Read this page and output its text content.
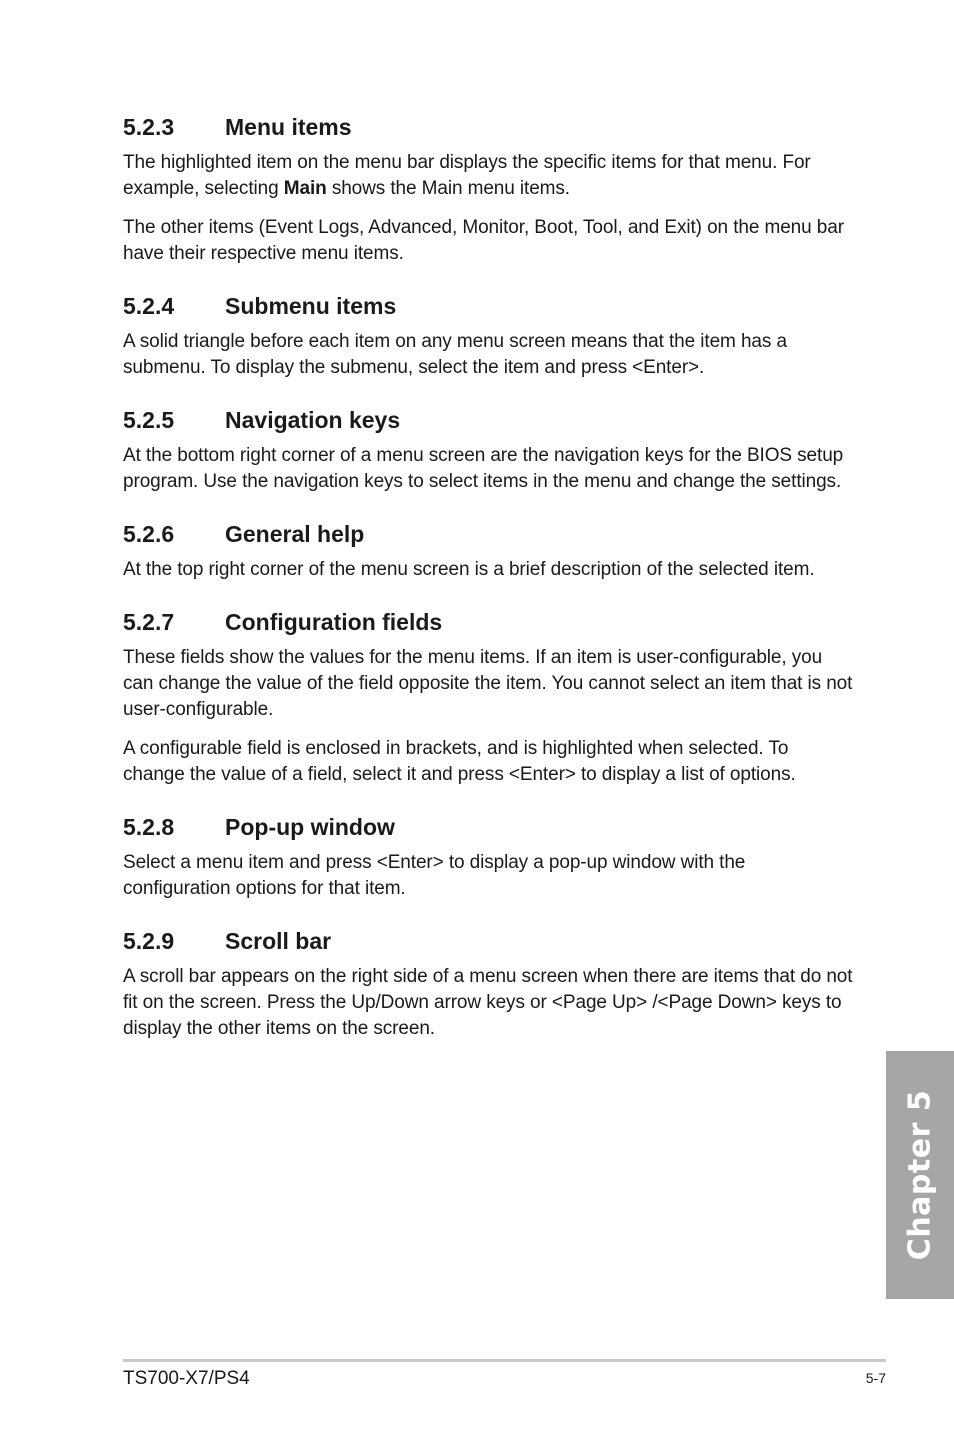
5.2.3	Menu items

The highlighted item on the menu bar displays the specific items for that menu. For example, selecting Main shows the Main menu items.

The other items (Event Logs, Advanced, Monitor, Boot, Tool, and Exit) on the menu bar have their respective menu items.

5.2.4	Submenu items

A solid triangle before each item on any menu screen means that the item has a submenu. To display the submenu, select the item and press <Enter>.

5.2.5	Navigation keys

At the bottom right corner of a menu screen are the navigation keys for the BIOS setup program. Use the navigation keys to select items in the menu and change the settings.

5.2.6	General help

At the top right corner of the menu screen is a brief description of the selected item.

5.2.7	Configuration fields

These fields show the values for the menu items. If an item is user-configurable, you can change the value of the field opposite the item. You cannot select an item that is not user-configurable.

A configurable field is enclosed in brackets, and is highlighted when selected. To change the value of a field, select it and press <Enter> to display a list of options.

5.2.8	Pop-up window

Select a menu item and press <Enter> to display a pop-up window with the configuration options for that item.

5.2.9	Scroll bar

A scroll bar appears on the right side of a menu screen when there are items that do not fit on the screen. Press the Up/Down arrow keys or <Page Up> /<Page Down> keys to display the other items on the screen.

Chapter 5
TS700-X7/PS4	5-7
